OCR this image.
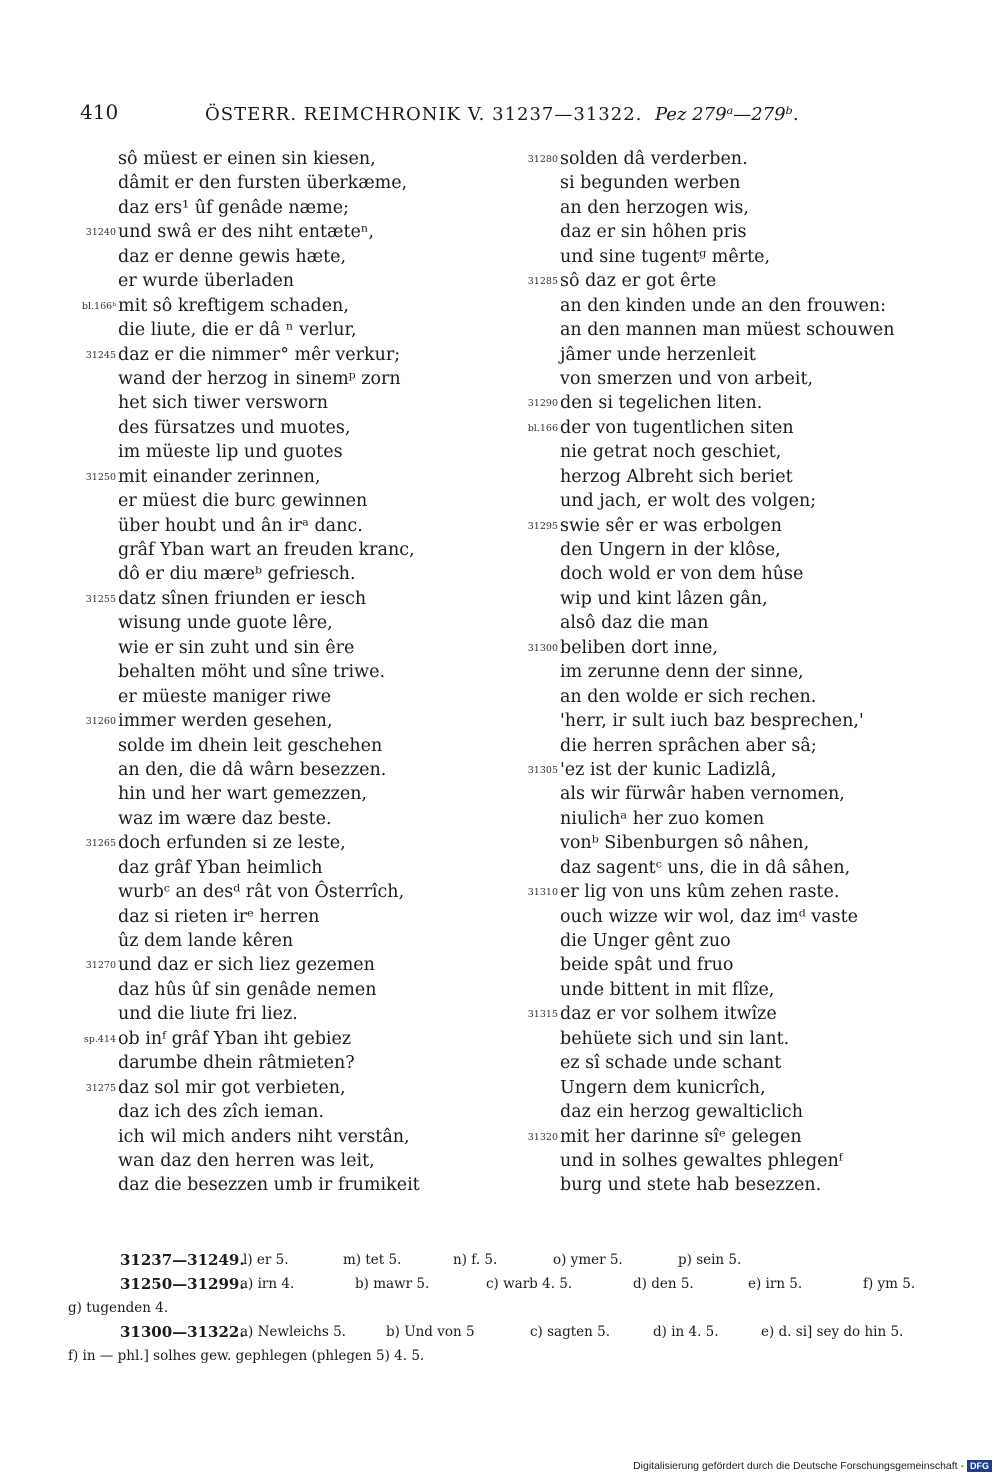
410	ÖSTERR. REIMCHRONIK V. 31237—31322. Pez 279ᵃ—279ᵇ.
sô müest er einen sin kiesen,
dâmit er den fursten überkæme,
daz ers¹ ûf genâde næme;
31240 und swâ er des niht entæteⁿ,
daz er denne gewis hæte,
er wurde überladen
bl.166ᵇ mit sô kreftigem schaden,
die liute, die er dâ ⁿ verlur,
31245 daz er die nimmer° mêr verkur;
wand der herzog in sinemᵖ zorn
het sich tiwer versworn
des fürsatzes und muotes,
im müeste lip und guotes
31250 mit einander zerinnen,
er müest die burc gewinnen
über houbt und ân irᵃ danc.
grâf Yban wart an freuden kranc,
dô er diu mæreᵇ gefriesch.
31255 datz sînen friunden er iesch
wisung unde guote lêre,
wie er sin zuht und sin êre
behalten möht und sîne triwe.
er müeste maniger riwe
31260 immer werden gesehen,
solde im dhein leit geschehen
an den, die dâ wârn besezzen.
hin und her wart gemezzen,
waz im wære daz beste.
31265 doch erfunden si ze leste,
daz grâf Yban heimlich
wurbᶜ an desᵈ rât von Ôsterrîch,
daz si rieten irᵉ herren
ûz dem lande kêren
31270 und daz er sich liez gezemen
daz hûs ûf sin genâde nemen
und die liute fri liez.
sp.414 ob inᶠ grâf Yban iht gebiez
darumbe dhein râtmieten?
31275 daz sol mir got verbieten,
daz ich des zîch ieman.
ich wil mich anders niht verstân,
wan daz den herren was leit,
daz die besezzen umb ir frumikeit
31280 solden dâ verderben.
si begunden werben
an den herzogen wis,
daz er sin hôhen pris
und sine tugentᵍ mêrte,
31285 sô daz er got êrte
an den kinden unde an den frouwen:
an den mannen man müest schouwen
jâmer unde herzenleit
von smerzen und von arbeit,
31290 den si tegelichen liten.
bl.166 der von tugentlichen siten
nie getrat noch geschiet,
herzog Albreht sich beriet
und jach, er wolt des volgen;
31295 swie sêr er was erbolgen
den Ungern in der klôse,
doch wold er von dem hûse
wip und kint lâzen gân,
alsô daz die man
31300 beliben dort inne,
im zerunne denn der sinne,
an den wolde er sich rechen.
'herr, ir sult iuch baz besprechen,'
die herren sprâchen aber sâ;
31305 'ez ist der kunic Ladizlâ,
als wir fürwâr haben vernomen,
niulichᵃ her zuo komen
vonᵇ Sibenburgen sô nâhen,
daz sagentᶜ uns, die in dâ sâhen,
31310 er lig von uns kûm zehen raste.
ouch wizze wir wol, daz imᵈ vaste
die Unger gênt zuo
beide spât und fruo
unde bittent in mit flîze,
31315 daz er vor solhem itwîze
behüete sich und sin lant.
ez sî schade unde schant
Ungern dem kunicrîch,
daz ein herzog gewalticlich
31320 mit her darinne sîᵉ gelegen
und in solhes gewaltes phlegenᶠ
burg und stete hab besezzen.
31237—31249.
l) er 5.	m) tet 5.	n) f. 5.	o) ymer 5.	p) sein 5.
31250—31299.
a) irn 4.	b) mawr 5.	c) warb 4. 5.	d) den 5.	e) irn 5.	f) ym 5.
g) tugenden 4.
31300—31322.
a) Newleichs 5.	b) Und von 5	c) sagten 5.	d) in 4. 5.	e) d. si] sey do hin 5.
f) in — phl.] solhes gew. gephlegen (phlegen 5) 4. 5.
Digitalisierung gefördert durch die Deutsche Forschungsgemeinschaft - DFG
